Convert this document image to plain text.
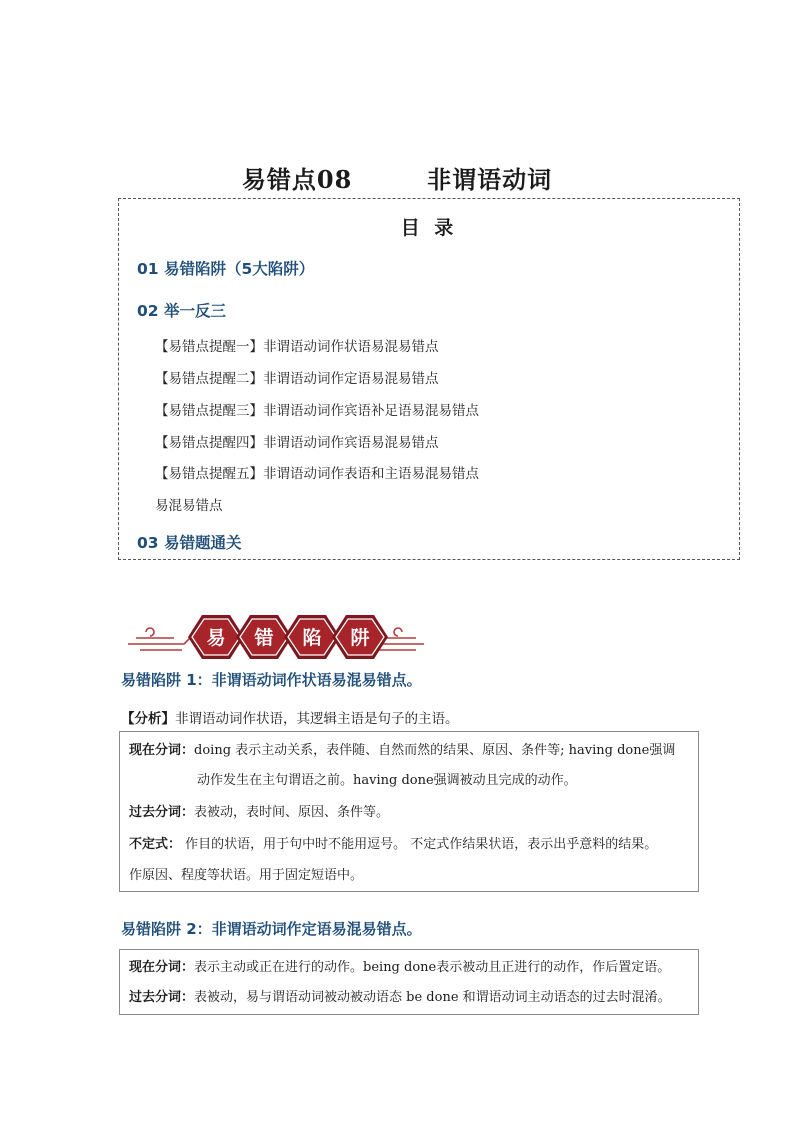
易错点08        非谓语动词
目 录
01 易错陷阱（5大陷阱）
02 举一反三
【易错点提醒一】非谓语动词作状语易混易错点
【易错点提醒二】非谓语动词作定语易混易错点
【易错点提醒三】非谓语动词作宾语补足语易混易错点
【易错点提醒四】非谓语动词作宾语易混易错点
【易错点提醒五】非谓语动词作表语和主语易混易错点
易混易错点
03 易错题通关
易 错 陷 阱
易错陷阱 1：非谓语动词作状语易混易错点。
【分析】非谓语动词作状语，其逻辑主语是句子的主语。
现在分词：doing 表示主动关系，表伴随、自然而然的结果、原因、条件等; having done强调
动作发生在主句谓语之前。having done强调被动且完成的动作。
过去分词：表被动，表时间、原因、条件等。
不定式： 作目的状语，用于句中时不能用逗号。 不定式作结果状语，表示出乎意料的结果。
作原因、程度等状语。用于固定短语中。
易错陷阱 2：非谓语动词作定语易混易错点。
现在分词：表示主动或正在进行的动作。being done表示被动且正进行的动作，作后置定语。
过去分词：表被动，易与谓语动词被动被动语态 be done 和谓语动词主动语态的过去时混淆。
